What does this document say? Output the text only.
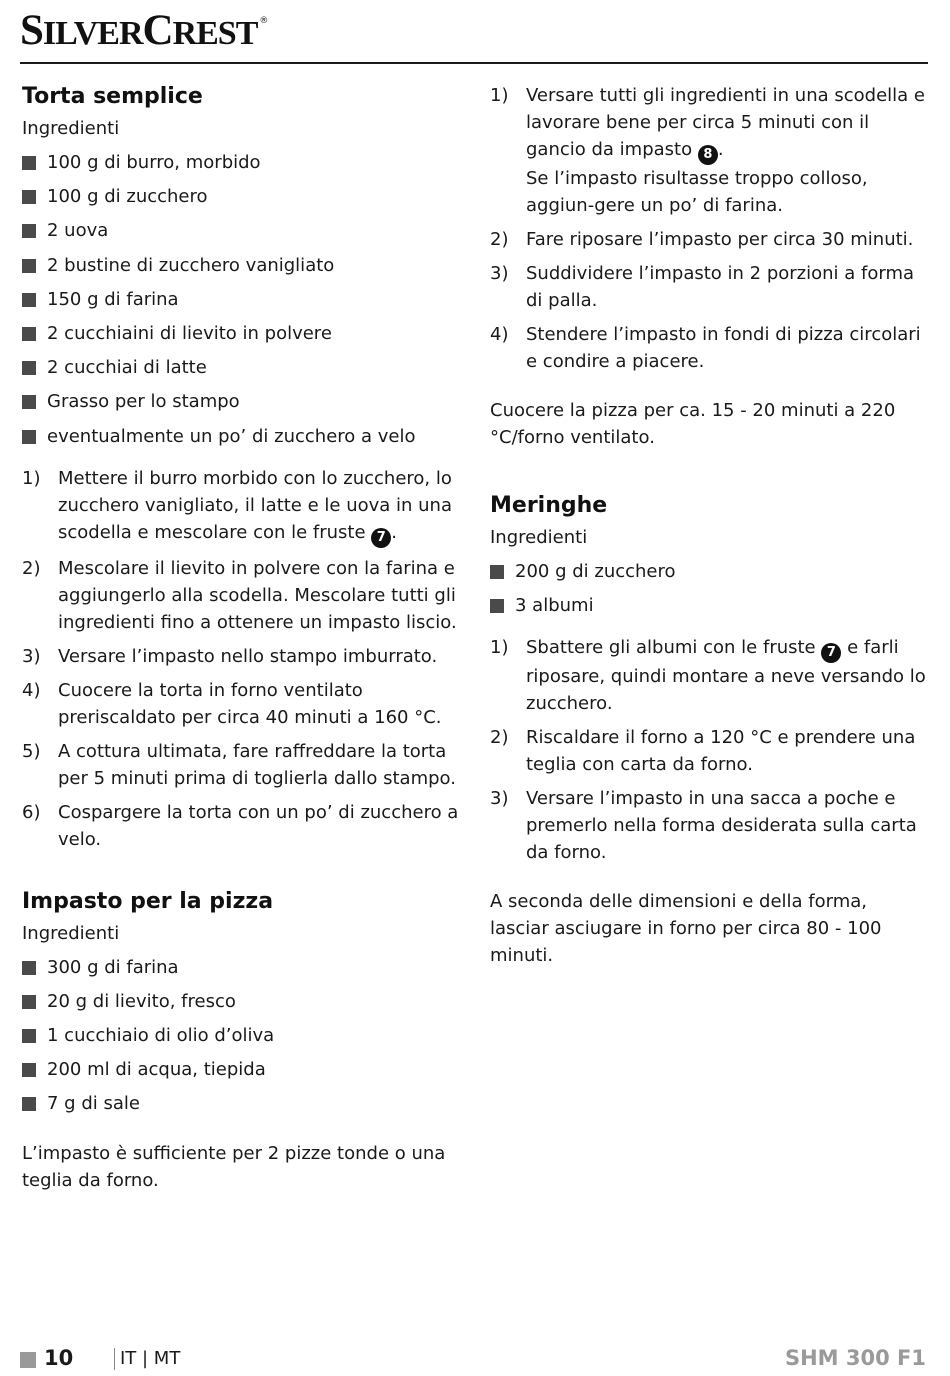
SILVERCREST ®
Torta semplice
Ingredienti
100 g di burro, morbido
100 g di zucchero
2 uova
2 bustine di zucchero vanigliato
150 g di farina
2 cucchiaini di lievito in polvere
2 cucchiai di latte
Grasso per lo stampo
eventualmente un po’ di zucchero a velo
1) Mettere il burro morbido con lo zucchero, lo zucchero vanigliato, il latte e le uova in una scodella e mescolare con le fruste 7 .
2) Mescolare il lievito in polvere con la farina e aggiungerlo alla scodella. Mescolare tutti gli ingredienti fino a ottenere un impasto liscio.
3) Versare l’impasto nello stampo imburrato.
4) Cuocere la torta in forno ventilato preriscaldato per circa 40 minuti a 160 °C.
5) A cottura ultimata, fare raffreddare la torta per 5 minuti prima di toglierla dallo stampo.
6) Cospargere la torta con un po’ di zucchero a velo.
Impasto per la pizza
Ingredienti
300 g di farina
20 g di lievito, fresco
1 cucchiaio di olio d’oliva
200 ml di acqua, tiepida
7 g di sale

L’impasto è sufficiente per 2 pizze tonde o una teglia da forno.

1) Versare tutti gli ingredienti in una scodella e lavorare bene per circa 5 minuti con il gancio da impasto 8 .
Se l’impasto risultasse troppo colloso, aggiun-gere un po’ di farina.
2) Fare riposare l’impasto per circa 30 minuti.
3) Suddividere l’impasto in 2 porzioni a forma di palla.
4) Stendere l’impasto in fondi di pizza circolari e condire a piacere.

Cuocere la pizza per ca. 15 - 20 minuti a 220 °C/forno ventilato.

Meringhe
Ingredienti
200 g di zucchero
3 albumi
1) Sbattere gli albumi con le fruste 7 e farli riposare, quindi montare a neve versando lo zucchero.
2) Riscaldare il forno a 120 °C e prendere una teglia con carta da forno.
3) Versare l’impasto in una sacca a poche e premerlo nella forma desiderata sulla carta da forno.

A seconda delle dimensioni e della forma, lasciar asciugare in forno per circa 80 - 100 minuti.

10	IT | MT	SHM 300 F1
